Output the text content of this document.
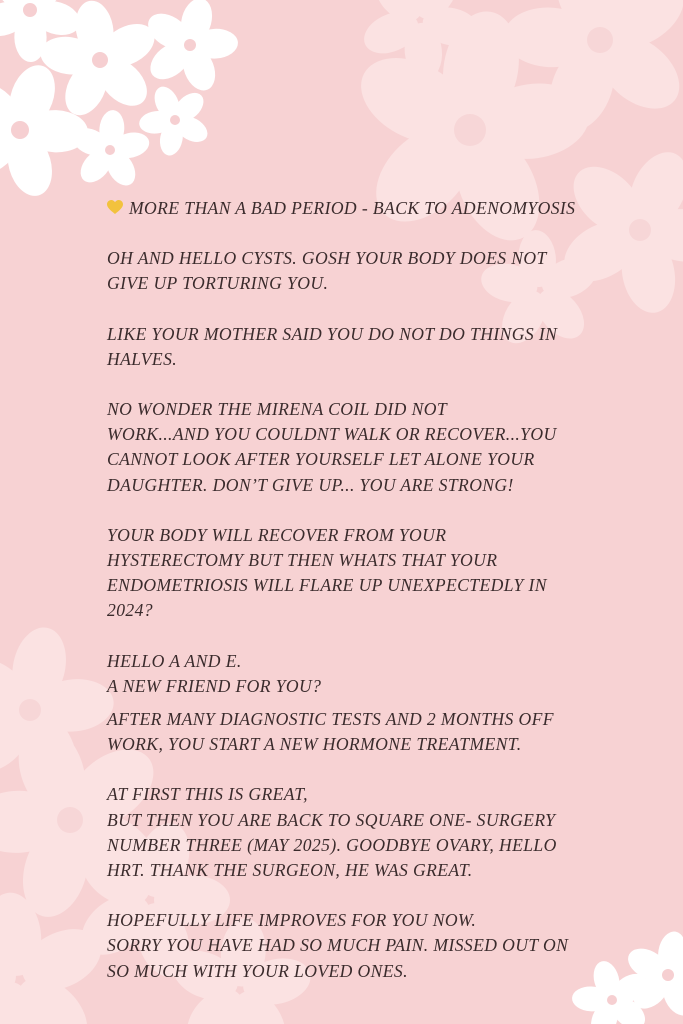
MORE THAN A BAD PERIOD - BACK TO ADENOMYOSIS

OH AND HELLO CYSTS. GOSH YOUR BODY DOES NOT
GIVE UP TORTURING YOU.

LIKE YOUR MOTHER SAID YOU DO NOT DO THINGS IN
HALVES.

NO WONDER THE MIRENA COIL DID NOT
WORK...AND YOU COULDNT WALK OR RECOVER...YOU
CANNOT LOOK AFTER YOURSELF LET ALONE YOUR
DAUGHTER. DON’T GIVE UP... YOU ARE STRONG!

YOUR BODY WILL RECOVER FROM YOUR
HYSTERECTOMY BUT THEN WHATS THAT YOUR
ENDOMETRIOSIS WILL FLARE UP UNEXPECTEDLY IN
2024?

HELLO A AND E.
A NEW FRIEND FOR YOU?

AFTER MANY DIAGNOSTIC TESTS AND 2 MONTHS OFF
WORK, YOU START A NEW HORMONE TREATMENT.

AT FIRST THIS IS GREAT,
BUT THEN YOU ARE BACK TO SQUARE ONE- SURGERY
NUMBER THREE (MAY 2025). GOODBYE OVARY, HELLO
HRT. THANK THE SURGEON, HE WAS GREAT.

HOPEFULLY LIFE IMPROVES FOR YOU NOW.
SORRY YOU HAVE HAD SO MUCH PAIN. MISSED OUT ON
SO MUCH WITH YOUR LOVED ONES.
